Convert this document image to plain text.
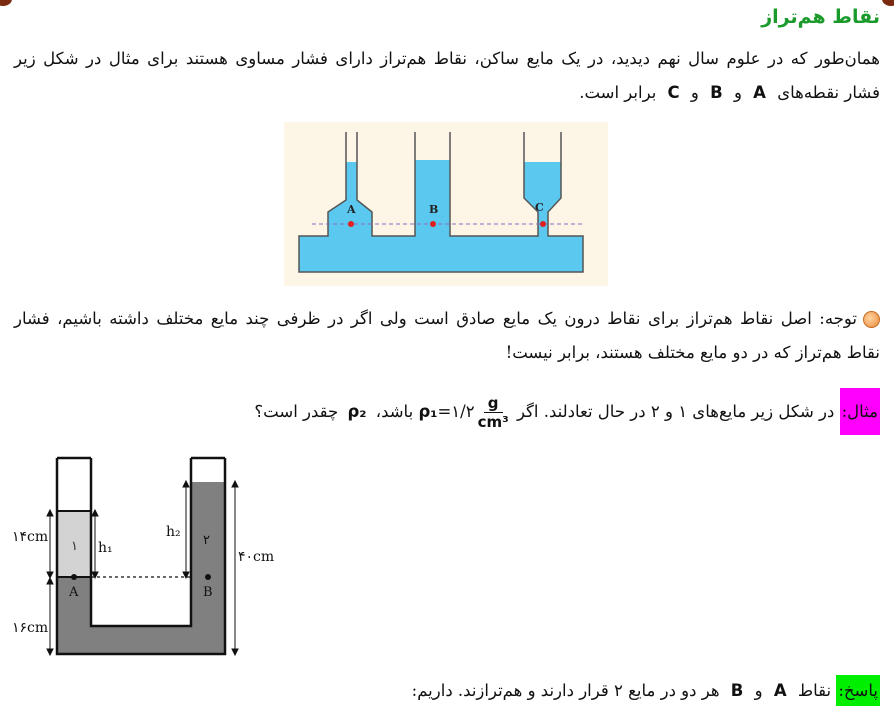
نقاط هم‌تراز
همان‌طور که در علوم سال نهم دیدید، در یک مایع ساکن، نقاط هم‌تراز دارای فشار مساوی هستند برای مثال در شکل زیر
فشار نقطه‌های A و B و C برابر است.
A	B	C
توجه: اصل نقاط هم‌تراز برای نقاط درون یک مایع صادق است ولی اگر در ظرفی چند مایع مختلف داشته باشیم، فشار
نقاط هم‌تراز که در دو مایع مختلف هستند، برابر نیست!
مثال: در شکل زیر مایع‌های ۱ و ۲ در حال تعادلند. اگر ρ₁=۱/۲ $\frac{g}{\text{cm³}}$
باشد، ρ₂ چقدر است؟
۱۴cm
۱۶cm
۴۰cm
h₁
h₂
۱	۲
A	B
پاسخ: نقاط A و B هر دو در مایع ۲ قرار دارند و هم‌ترازند. داریم:
